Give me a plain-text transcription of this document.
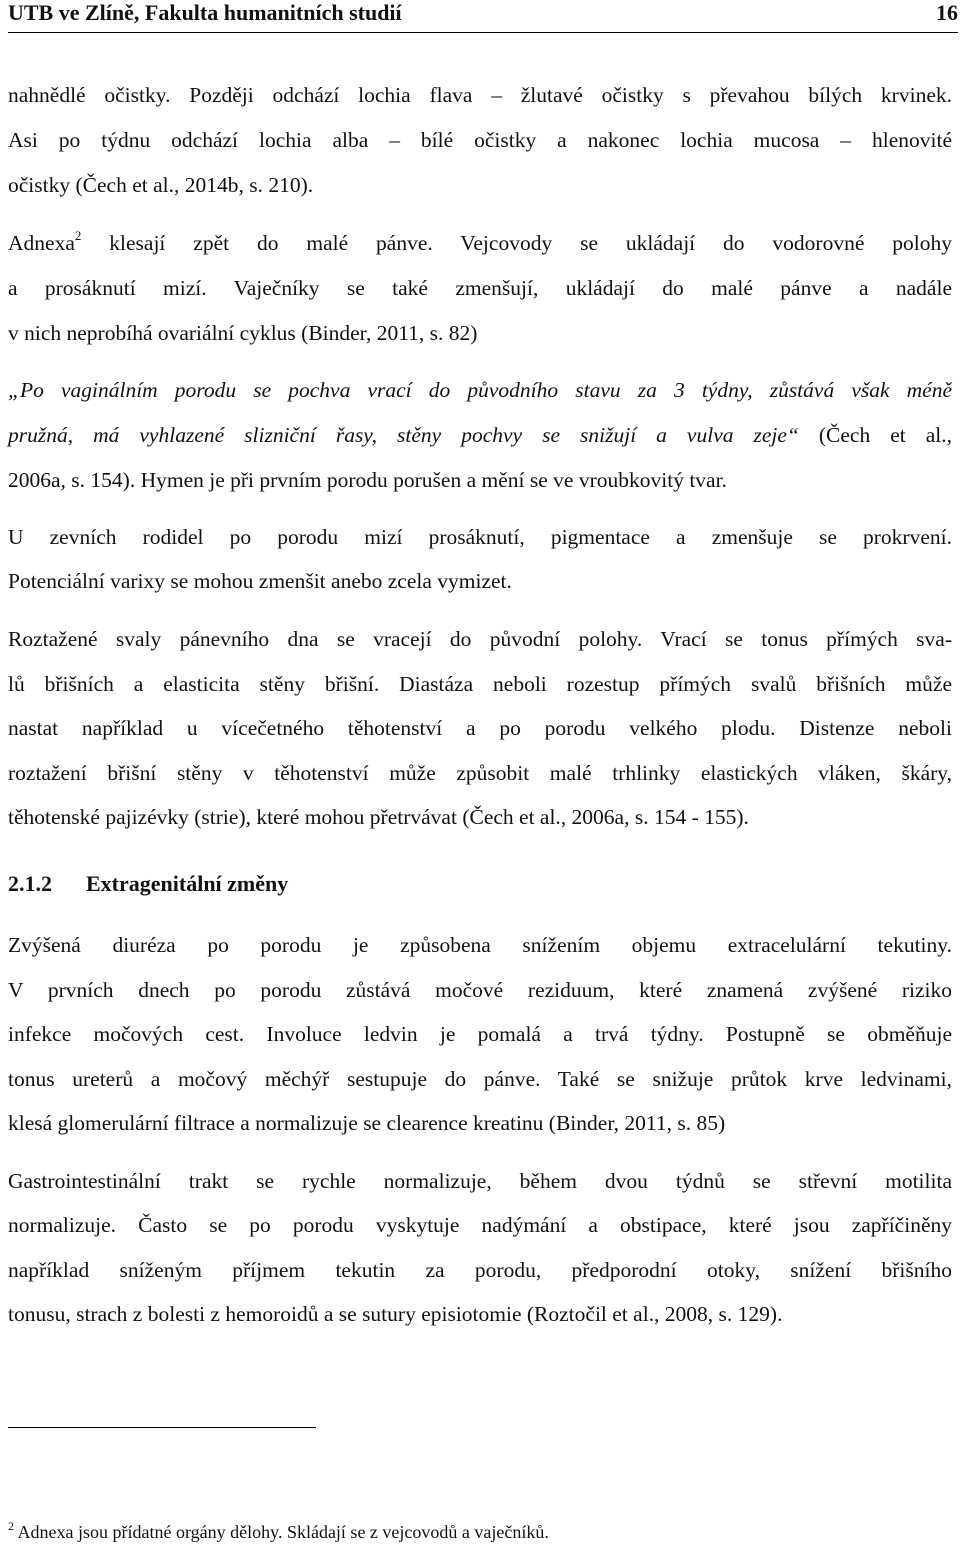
UTB ve Zlíně, Fakulta humanitních studií	16
nahnědlé očistky. Později odchází lochia flava – žlutavé očistky s převahou bílých krvinek.
Asi po týdnu odchází lochia alba – bílé očistky a nakonec lochia mucosa – hlenovité
očistky (Čech et al., 2014b, s. 210).
Adnexa$^2$ klesají zpět do malé pánve. Vejcovody se ukládají do vodorovné polohy
a prosáknutí mizí. Vaječníky se také zmenšují, ukládají do malé pánve a nadále
v nich neprobíhá ovariální cyklus (Binder, 2011, s. 82)
„Po vaginálním porodu se pochva vrací do původního stavu za 3 týdny, zůstává však méně
pružná, má vyhlazené slizniční řasy, stěny pochvy se snižují a vulva zeje“ (Čech et al.,
2006a, s. 154). Hymen je při prvním porodu porušen a mění se ve vroubkovitý tvar.
U zevních rodidel po porodu mizí prosáknutí, pigmentace a zmenšuje se prokrvení.
Potenciální varixy se mohou zmenšit anebo zcela vymizet.
Roztažené svaly pánevního dna se vracejí do původní polohy. Vrací se tonus přímých sva-
lů břišních a elasticita stěny břišní. Diastáza neboli rozestup přímých svalů břišních může
nastat například u vícečetného těhotenství a po porodu velkého plodu. Distenze neboli
roztažení břišní stěny v těhotenství může způsobit malé trhlinky elastických vláken, škáry,
těhotenské pajizévky (strie), které mohou přetrvávat (Čech et al., 2006a, s. 154 - 155).
2.1.2 Extragenitální změny
Zvýšená diuréza po porodu je způsobena snížením objemu extracelulární tekutiny.
V prvních dnech po porodu zůstává močové reziduum, které znamená zvýšené riziko
infekce močových cest. Involuce ledvin je pomalá a trvá týdny. Postupně se obměňuje
tonus ureterů a močový měchýř sestupuje do pánve. Také se snižuje průtok krve ledvinami,
klesá glomerulární filtrace a normalizuje se clearence kreatinu (Binder, 2011, s. 85)
Gastrointestinální trakt se rychle normalizuje, během dvou týdnů se střevní motilita
normalizuje. Často se po porodu vyskytuje nadýmání a obstipace, které jsou zapříčiněny
například sníženým příjmem tekutin za porodu, předporodní otoky, snížení břišního
tonusu, strach z bolesti z hemoroidů a se sutury episiotomie (Roztočil et al., 2008, s. 129).
$^2$ Adnexa jsou přídatné orgány dělohy. Skládají se z vejcovodů a vaječníků.
